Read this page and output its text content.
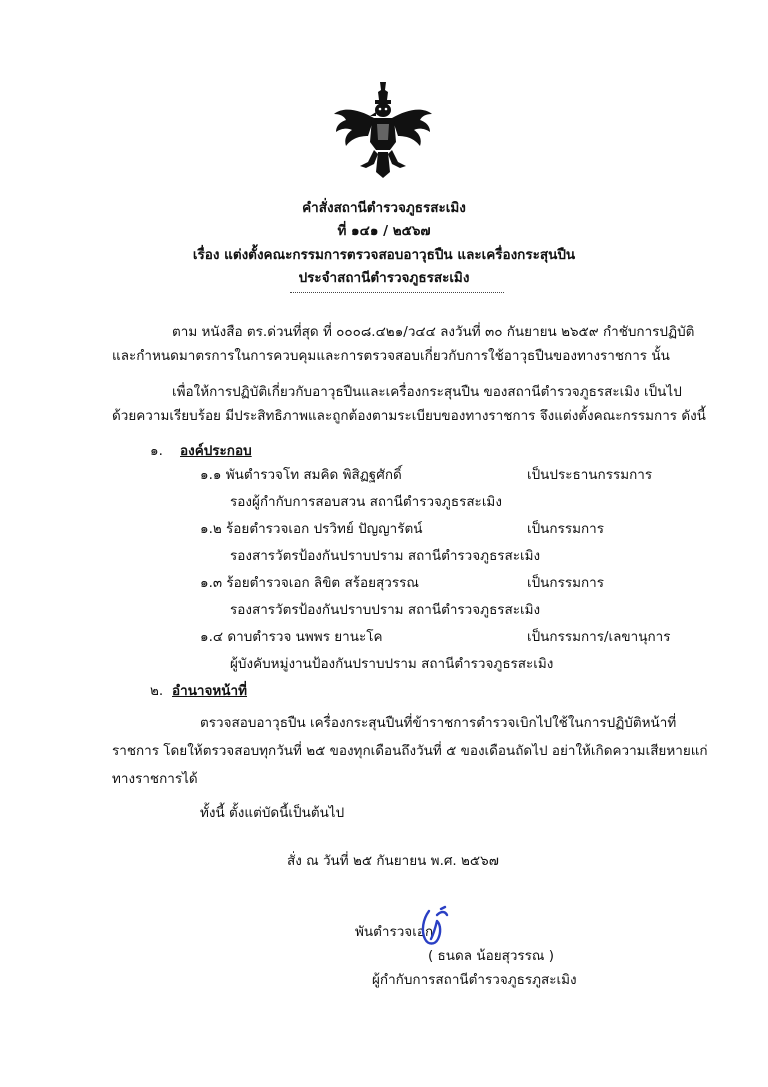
คำสั่งสถานีตำรวจภูธรสะเมิง
ที่ ๑๔๑ / ๒๕๖๗
เรื่อง แต่งตั้งคณะกรรมการตรวจสอบอาวุธปืน และเครื่องกระสุนปืน
ประจำสถานีตำรวจภูธรสะเมิง
ตาม หนังสือ ตร.ด่วนที่สุด ที่ ๐๐๐๘.๔๒๑/ว๔๔ ลงวันที่ ๓๐ กันยายน ๒๖๕๙ กำชับการปฏิบัติ
และกำหนดมาตรการในการควบคุมและการตรวจสอบเกี่ยวกับการใช้อาวุธปืนของทางราชการ นั้น
เพื่อให้การปฏิบัติเกี่ยวกับอาวุธปืนและเครื่องกระสุนปืน ของสถานีตำรวจภูธรสะเมิง เป็นไป
ด้วยความเรียบร้อย มีประสิทธิภาพและถูกต้องตามระเบียบของทางราชการ จึงแต่งตั้งคณะกรรมการ ดังนี้
๑. องค์ประกอบ
๑.๑ พันตำรวจโท สมคิด พิสิฏฐศักดิ์	เป็นประธานกรรมการ
รองผู้กำกับการสอบสวน สถานีตำรวจภูธรสะเมิง
๑.๒ ร้อยตำรวจเอก ปรวิทย์ ปัญญารัตน์	เป็นกรรมการ
รองสารวัตรป้องกันปราบปราม สถานีตำรวจภูธรสะเมิง
๑.๓ ร้อยตำรวจเอก ลิขิต สร้อยสุวรรณ	เป็นกรรมการ
รองสารวัตรป้องกันปราบปราม สถานีตำรวจภูธรสะเมิง
๑.๔ ดาบตำรวจ นพพร ยานะโค	เป็นกรรมการ/เลขานุการ
ผู้บังคับหมู่งานป้องกันปราบปราม สถานีตำรวจภูธรสะเมิง
๒. อำนาจหน้าที่
ตรวจสอบอาวุธปืน เครื่องกระสุนปืนที่ข้าราชการตำรวจเบิกไปใช้ในการปฏิบัติหน้าที่
ราชการ โดยให้ตรวจสอบทุกวันที่ ๒๕ ของทุกเดือนถึงวันที่ ๕ ของเดือนถัดไป อย่าให้เกิดความเสียหายแก่
ทางราชการได้
ทั้งนี้ ตั้งแต่บัดนี้เป็นต้นไป
สั่ง ณ วันที่ ๒๕ กันยายน พ.ศ. ๒๕๖๗
พันตำรวจเอก
( ธนดล น้อยสุวรรณ )
ผู้กำกับการสถานีตำรวจภูธรภูสะเมิง
